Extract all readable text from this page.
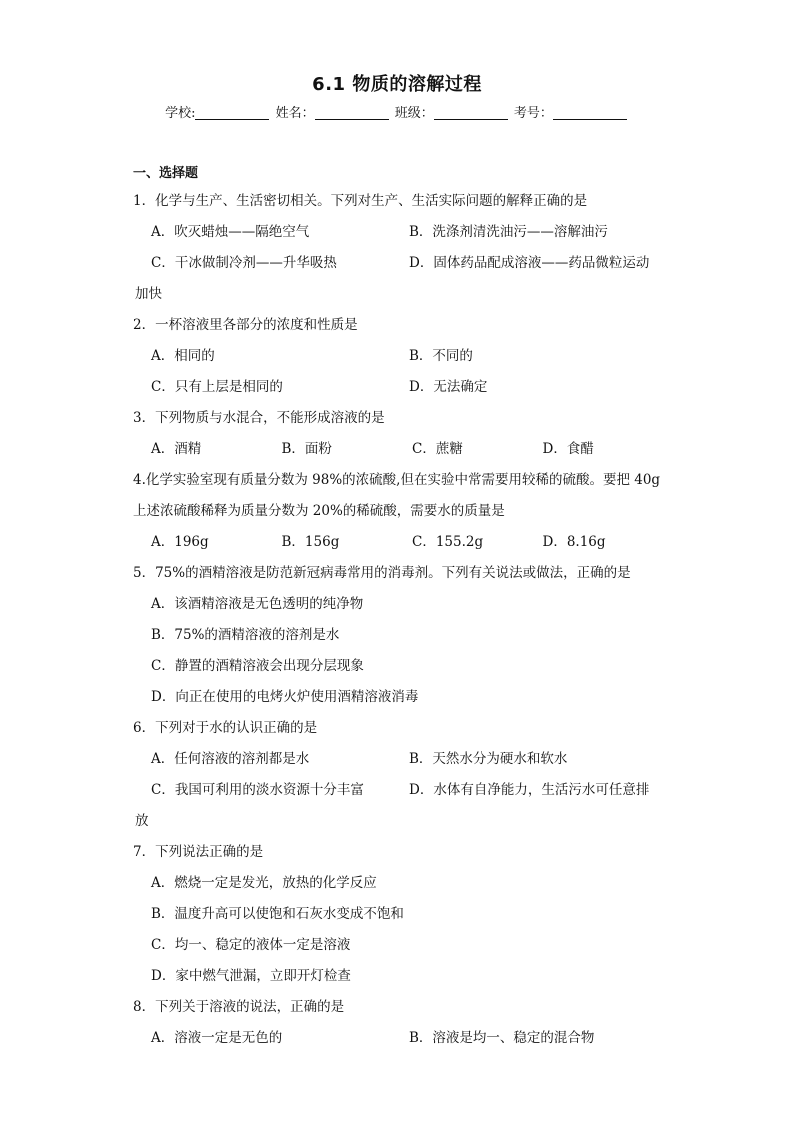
6.1 物质的溶解过程
学校:	姓名：	班级：	考号：
一、选择题
1．化学与生产、生活密切相关。下列对生产、生活实际问题的解释正确的是
A．吹灭蜡烛——隔绝空气	B．洗涤剂清洗油污——溶解油污
C．干冰做制冷剂——升华吸热	D．固体药品配成溶液——药品微粒运动
加快
2．一杯溶液里各部分的浓度和性质是
A．相同的	B．不同的
C．只有上层是相同的	D．无法确定
3．下列物质与水混合，不能形成溶液的是
A．酒精	B．面粉	C．蔗糖	D．食醋
4.化学实验室现有质量分数为 98%的浓硫酸,但在实验中常需要用较稀的硫酸。要把 40g
上述浓硫酸稀释为质量分数为 20%的稀硫酸，需要水的质量是
A．196g	B．156g	C．155.2g	D．8.16g
5．75%的酒精溶液是防范新冠病毒常用的消毒剂。下列有关说法或做法，正确的是
A．该酒精溶液是无色透明的纯净物
B．75%的酒精溶液的溶剂是水
C．静置的酒精溶液会出现分层现象
D．向正在使用的电烤火炉使用酒精溶液消毒
6．下列对于水的认识正确的是
A．任何溶液的溶剂都是水	B．天然水分为硬水和软水
C．我国可利用的淡水资源十分丰富	D．水体有自净能力，生活污水可任意排
放
7．下列说法正确的是
A．燃烧一定是发光，放热的化学反应
B．温度升高可以使饱和石灰水变成不饱和
C．均一、稳定的液体一定是溶液
D．家中燃气泄漏，立即开灯检查
8．下列关于溶液的说法，正确的是
A．溶液一定是无色的	B．溶液是均一、稳定的混合物
